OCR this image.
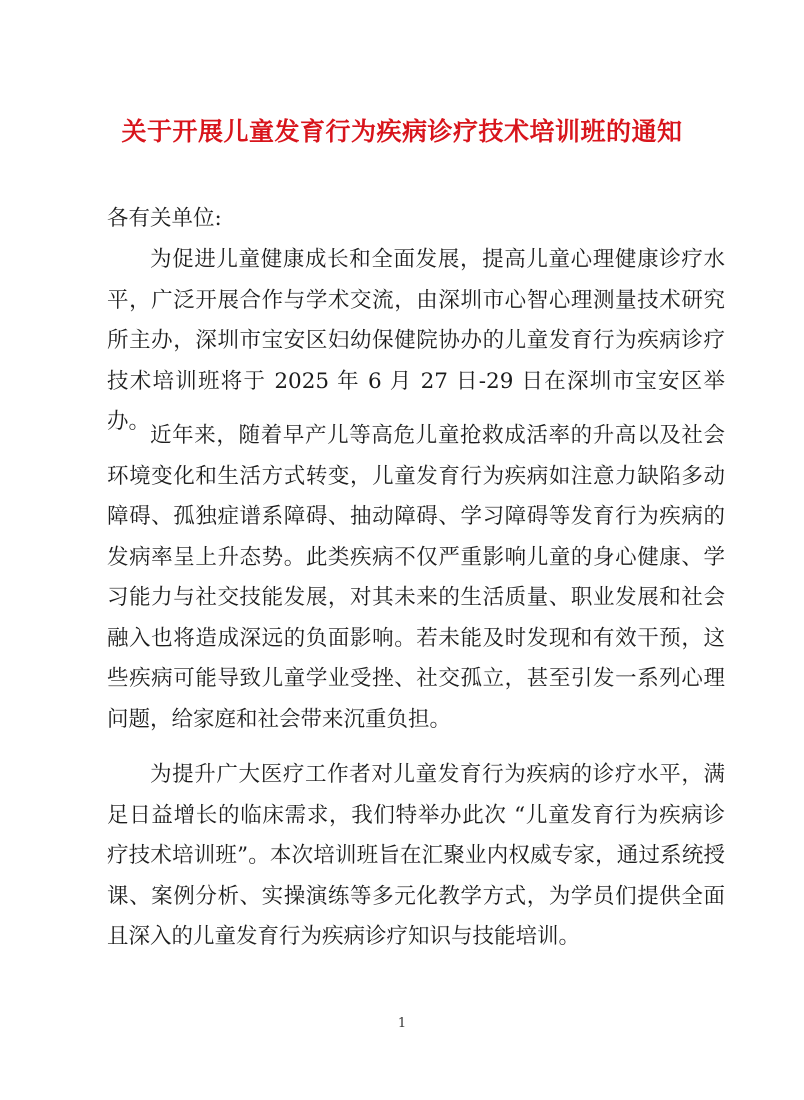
关于开展儿童发育行为疾病诊疗技术培训班的通知
各有关单位:

为促进儿童健康成长和全面发展，提高儿童心理健康诊疗水平，广泛开展合作与学术交流，由深圳市心智心理测量技术研究所主办，深圳市宝安区妇幼保健院协办的儿童发育行为疾病诊疗技术培训班将于 2025 年 6 月 27 日-29 日在深圳市宝安区举办。

近年来，随着早产儿等高危儿童抢救成活率的升高以及社会环境变化和生活方式转变，儿童发育行为疾病如注意力缺陷多动障碍、孤独症谱系障碍、抽动障碍、学习障碍等发育行为疾病的发病率呈上升态势。此类疾病不仅严重影响儿童的身心健康、学习能力与社交技能发展，对其未来的生活质量、职业发展和社会融入也将造成深远的负面影响。若未能及时发现和有效干预，这些疾病可能导致儿童学业受挫、社交孤立，甚至引发一系列心理问题，给家庭和社会带来沉重负担。

为提升广大医疗工作者对儿童发育行为疾病的诊疗水平，满足日益增长的临床需求，我们特举办此次 “儿童发育行为疾病诊疗技术培训班”。本次培训班旨在汇聚业内权威专家，通过系统授课、案例分析、实操演练等多元化教学方式，为学员们提供全面且深入的儿童发育行为疾病诊疗知识与技能培训。

1
